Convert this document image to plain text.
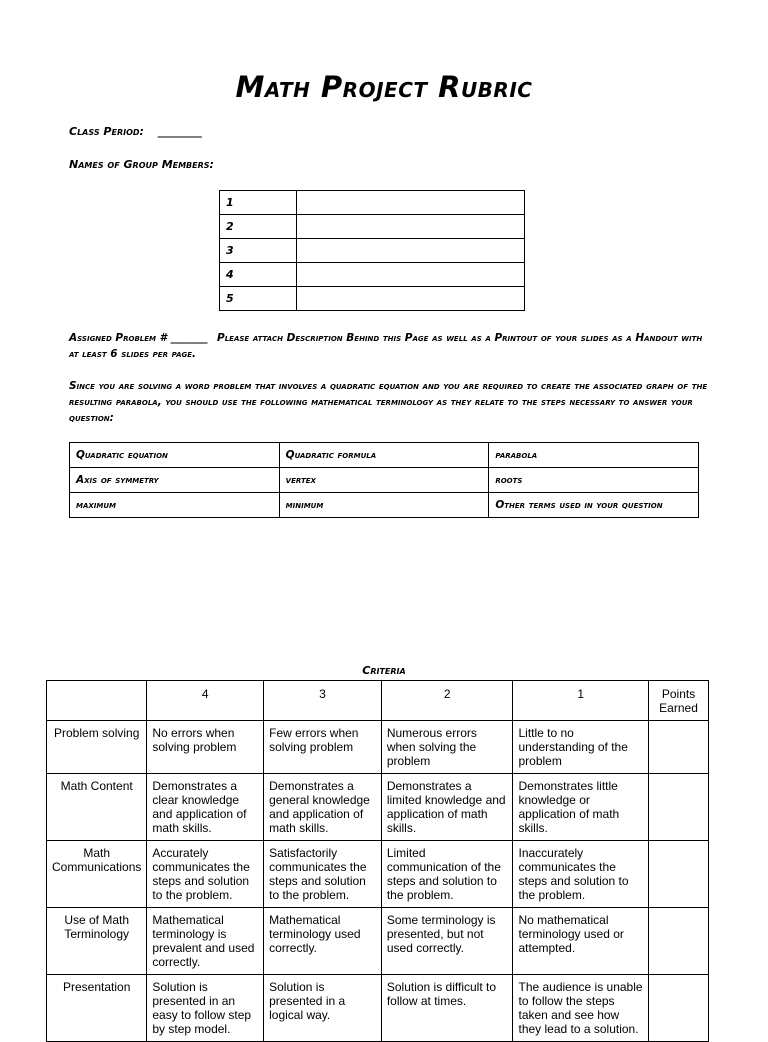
Math Project Rubric
Class Period: ________
Names of Group Members:
1	
2	
3	
4	
5	
Assigned Problem # _______ Please attach Description Behind this Page as well as a Printout of your slides as a Handout with at least 6 slides per page.
Since you are solving a word problem that involves a quadratic equation and you are required to create the associated graph of the resulting parabola, you should use the following mathematical terminology as they relate to the steps necessary to answer your question:
Quadratic equation	Quadratic formula	parabola
Axis of symmetry	vertex	roots
maximum	minimum	Other terms used in your question
Criteria
	4	3	2	1	Points Earned
Problem solving	No errors when solving problem	Few errors when solving problem	Numerous errors when solving the problem	Little to no understanding of the problem	
Math Content	Demonstrates a clear knowledge and application of math skills.	Demonstrates a general knowledge and application of math skills.	Demonstrates a limited knowledge and application of math skills.	Demonstrates little knowledge or application of math skills.	
Math Communications	Accurately communicates the steps and solution to the problem.	Satisfactorily communicates the steps and solution to the problem.	Limited communication of the steps and solution to the problem.	Inaccurately communicates the steps and solution to the problem.	
Use of Math Terminology	Mathematical terminology is prevalent and used correctly.	Mathematical terminology used correctly.	Some terminology is presented, but not used correctly.	No mathematical terminology used or attempted.	
Presentation	Solution is presented in an easy to follow step by step model.	Solution is presented in a logical way.	Solution is difficult to follow at times.	The audience is unable to follow the steps taken and see how they lead to a solution.	
